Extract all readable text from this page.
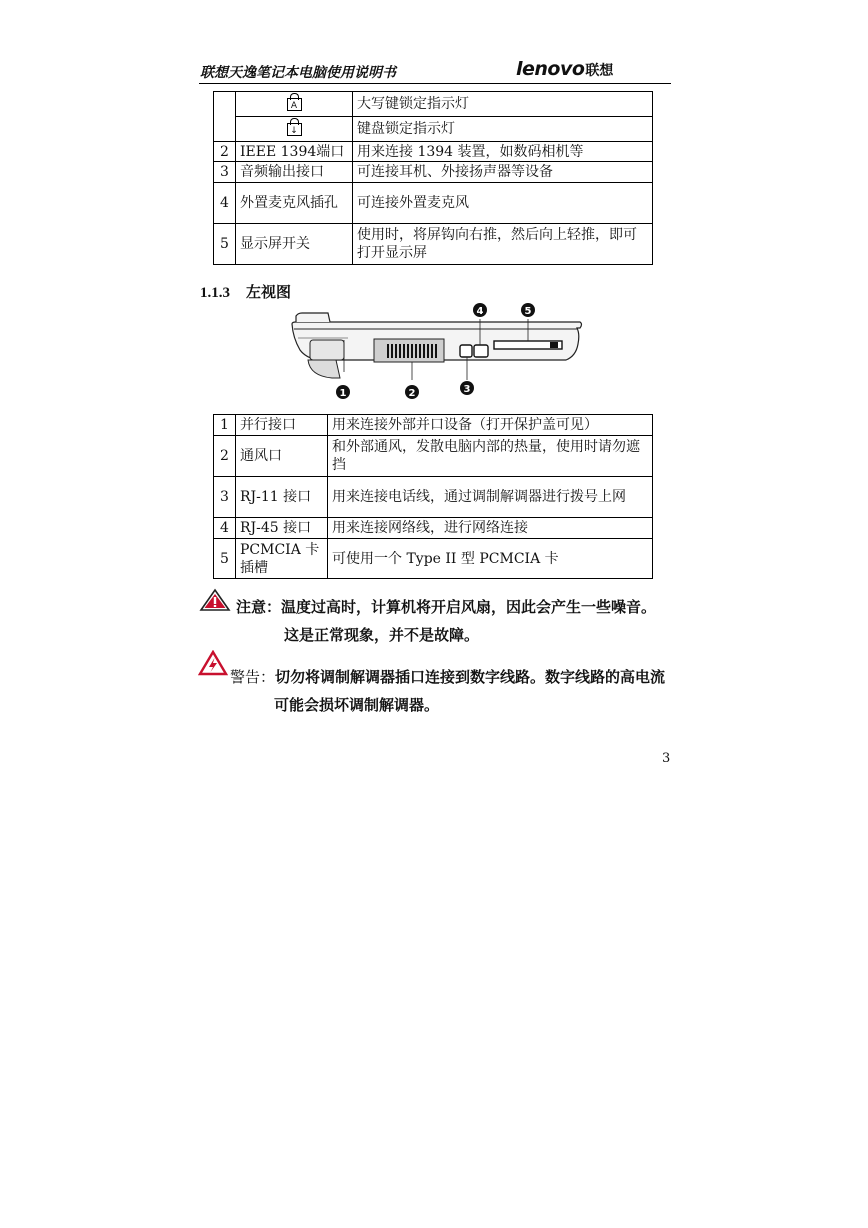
联想天逸笔记本电脑使用说明书	lenovo 联想

	A	大写键锁定指示灯

	↓	键盘锁定指示灯
2	IEEE 1394端口	用来连接 1394 装置，如数码相机等
3	音频输出接口	可连接耳机、外接扬声器等设备
4	外置麦克风插孔	可连接外置麦克风
5	显示屏开关	使用时，将屏钩向右推，然后向上轻推，即可打开显示屏
1.1.3 左视图
1	2	3
4	5
1	并行接口	用来连接外部并口设备（打开保护盖可见）
2	通风口	和外部通风，发散电脑内部的热量，使用时请勿遮挡
3	RJ-11 接口	用来连接电话线，通过调制解调器进行拨号上网
4	RJ-45 接口	用来连接网络线，进行网络连接
5	PCMCIA 卡插槽	可使用一个 Type II 型 PCMCIA 卡
注意：温度过高时，计算机将开启风扇，因此会产生一些噪音。
这是正常现象，并不是故障。
警告：切勿将调制解调器插口连接到数字线路。数字线路的高电流
可能会损坏调制解调器。
3
